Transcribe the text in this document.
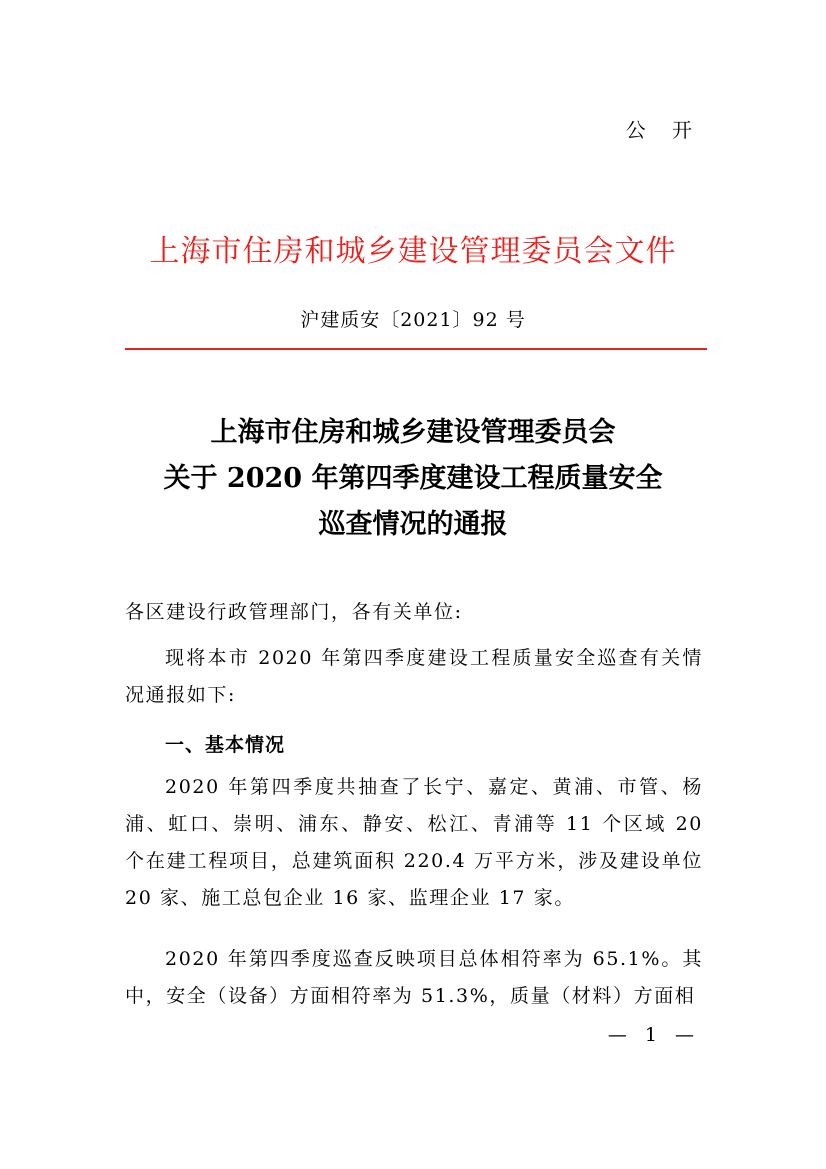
公 开
上海市住房和城乡建设管理委员会文件
沪建质安〔2021〕92 号
上海市住房和城乡建设管理委员会
关于 2020 年第四季度建设工程质量安全
巡查情况的通报
各区建设行政管理部门，各有关单位:
现将本市 2020 年第四季度建设工程质量安全巡查有关情况通报如下:
一、基本情况
2020 年第四季度共抽查了长宁、嘉定、黄浦、市管、杨浦、虹口、崇明、浦东、静安、松江、青浦等 11 个区域 20 个在建工程项目，总建筑面积 220.4 万平方米，涉及建设单位 20 家、施工总包企业 16 家、监理企业 17 家。
2020 年第四季度巡查反映项目总体相符率为 65.1%。其中，安全（设备）方面相符率为 51.3%，质量（材料）方面相
— 1 —
